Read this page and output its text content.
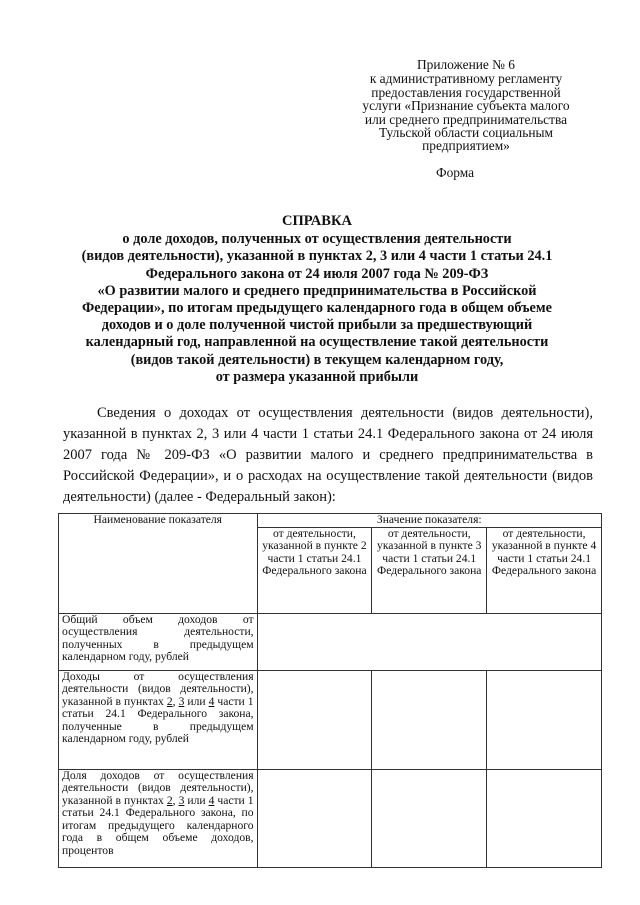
Приложение № 6
к административному регламенту
предоставления государственной
услуги «Признание субъекта малого
или среднего предпринимательства
Тульской области социальным
предприятием»
Форма
СПРАВКА
о доле доходов, полученных от осуществления деятельности
(видов деятельности), указанной в пунктах 2, 3 или 4 части 1 статьи 24.1
Федерального закона от 24 июля 2007 года № 209-ФЗ
«О развитии малого и среднего предпринимательства в Российской
Федерации», по итогам предыдущего календарного года в общем объеме
доходов и о доле полученной чистой прибыли за предшествующий
календарный год, направленной на осуществление такой деятельности
(видов такой деятельности) в текущем календарном году,
от размера указанной прибыли

Сведения о доходах от осуществления деятельности (видов деятельности), указанной в пунктах 2, 3 или 4 части 1 статьи 24.1 Федерального закона от 24 июля 2007 года № 209-ФЗ «О развитии малого и среднего предпринимательства в Российской Федерации», и о расходах на осуществление такой деятельности (видов деятельности) (далее - Федеральный закон):

Наименование показателя	Значение показателя:		
	от деятельности, указанной в пункте 2 части 1 статьи 24.1 Федерального закона	от деятельности, указанной в пункте 3 части 1 статьи 24.1 Федерального закона	от деятельности, указанной в пункте 4 части 1 статьи 24.1 Федерального закона
Общий объем доходов от осуществления деятельности, полученных в предыдущем календарном году, рублей			
Доходы от осуществления деятельности (видов деятельности), указанной в пунктах 2, 3 или 4 части 1 статьи 24.1 Федерального закона, полученные в предыдущем календарном году, рублей			
Доля доходов от осуществления деятельности (видов деятельности), указанной в пунктах 2, 3 или 4 части 1 статьи 24.1 Федерального закона, по итогам предыдущего календарного года в общем объеме доходов, процентов			
